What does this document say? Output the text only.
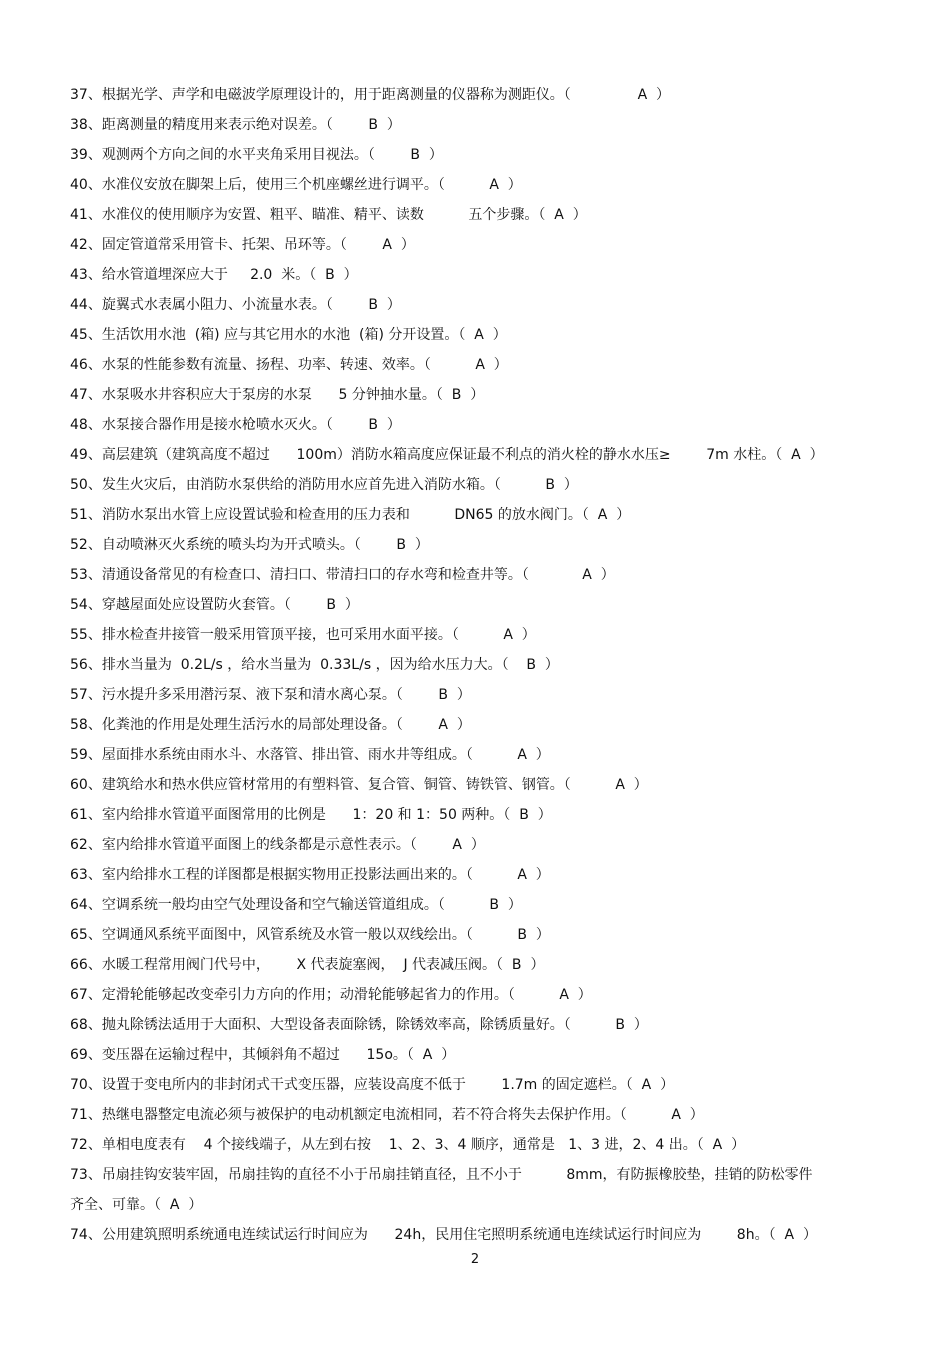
37、根据光学、声学和电磁波学原理设计的，用于距离测量的仪器称为测距仪。（               A  ）

38、距离测量的精度用来表示绝对误差。（        B  ）

39、观测两个方向之间的水平夹角采用目视法。（        B  ）

40、水准仪安放在脚架上后，使用三个机座螺丝进行调平。（          A  ）

41、水准仪的使用顺序为安置、粗平、瞄准、精平、读数          五个步骤。（  A  ）

42、固定管道常采用管卡、托架、吊环等。（        A  ）

43、给水管道埋深应大于     2.0  米。（  B  ）

44、旋翼式水表属小阻力、小流量水表。（        B  ）

45、生活饮用水池  (箱) 应与其它用水的水池  (箱) 分开设置。（  A  ）

46、水泵的性能参数有流量、扬程、功率、转速、效率。（          A  ）

47、水泵吸水井容积应大于泵房的水泵      5 分钟抽水量。（  B  ）

48、水泵接合器作用是接水枪喷水灭火。（        B  ）

49、高层建筑（建筑高度不超过      100m）消防水箱高度应保证最不利点的消火栓的静水水压≥        7m 水柱。（  A  ）

50、发生火灾后，由消防水泵供给的消防用水应首先进入消防水箱。（          B  ）

51、消防水泵出水管上应设置试验和检查用的压力表和          DN65 的放水阀门。（  A  ）

52、自动喷淋灭火系统的喷头均为开式喷头。（        B  ）

53、清通设备常见的有检查口、清扫口、带清扫口的存水弯和检查井等。（            A  ）

54、穿越屋面处应设置防火套管。（        B  ）

55、排水检查井接管一般采用管顶平接，也可采用水面平接。（          A  ）

56、排水当量为  0.2L/s ，给水当量为  0.33L/s ，因为给水压力大。（    B  ）

57、污水提升多采用潜污泵、液下泵和清水离心泵。（        B  ）

58、化粪池的作用是处理生活污水的局部处理设备。（        A  ）

59、屋面排水系统由雨水斗、水落管、排出管、雨水井等组成。（          A  ）

60、建筑给水和热水供应管材常用的有塑料管、复合管、铜管、铸铁管、钢管。（          A  ）

61、室内给排水管道平面图常用的比例是      1：20 和 1：50 两种。（  B  ）

62、室内给排水管道平面图上的线条都是示意性表示。（        A  ）

63、室内给排水工程的详图都是根据实物用正投影法画出来的。（          A  ）

64、空调系统一般均由空气处理设备和空气输送管道组成。（          B  ）

65、空调通风系统平面图中，风管系统及水管一般以双线绘出。（          B  ）

66、水暖工程常用阀门代号中，      X 代表旋塞阀，  J 代表减压阀。（  B  ）

67、定滑轮能够起改变牵引力方向的作用；动滑轮能够起省力的作用。（          A  ）

68、抛丸除锈法适用于大面积、大型设备表面除锈，除锈效率高，除锈质量好。（          B  ）

69、变压器在运输过程中，其倾斜角不超过      15o。（  A  ）

70、设置于变电所内的非封闭式干式变压器，应装设高度不低于        1.7m 的固定遮栏。（  A  ）

71、热继电器整定电流必须与被保护的电动机额定电流相同，若不符合将失去保护作用。（          A  ）

72、单相电度表有    4 个接线端子，从左到右按    1、2、3、4 顺序，通常是   1、3 进，2、4 出。（  A  ）

73、吊扇挂钩安装牢固，吊扇挂钩的直径不小于吊扇挂销直径，且不小于          8mm，有防振橡胶垫，挂销的防松零件

齐全、可靠。（  A  ）

74、公用建筑照明系统通电连续试运行时间应为      24h，民用住宅照明系统通电连续试运行时间应为        8h。（  A  ）

2
